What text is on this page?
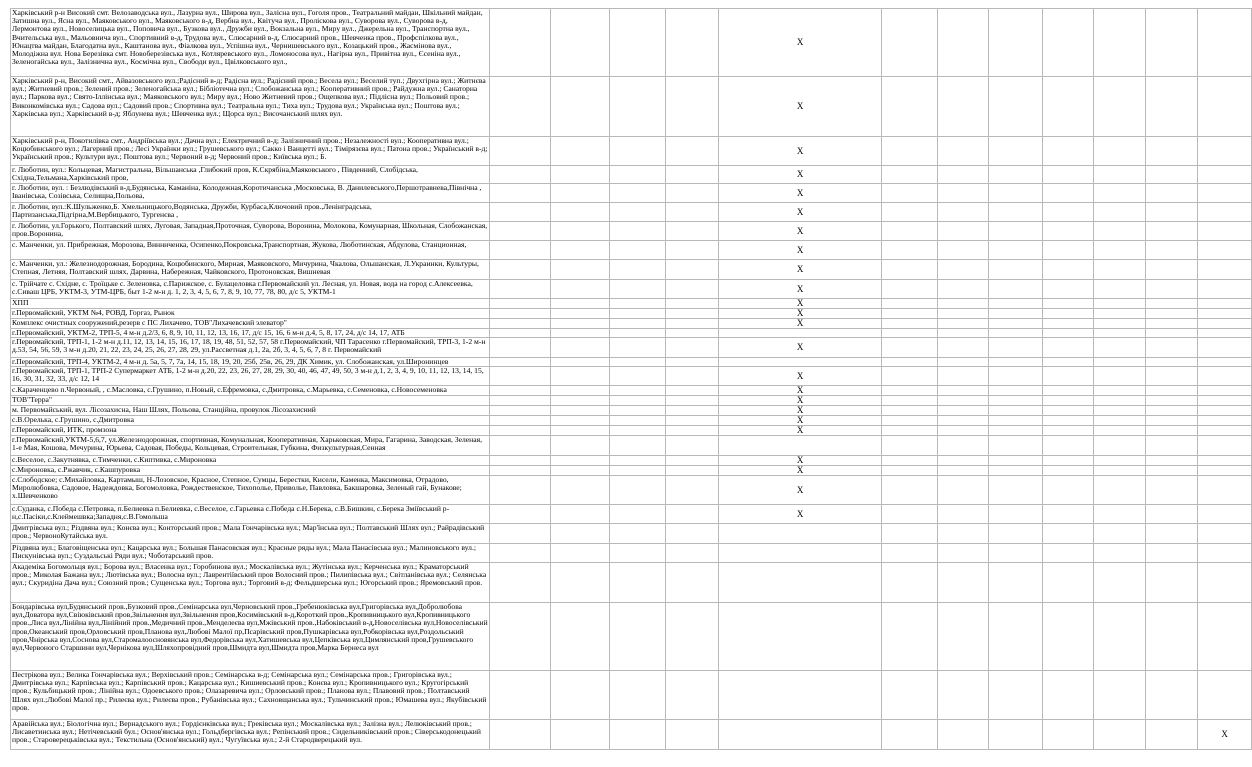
Харківський р-н Високий смт. Велозаводська вул., Лазурна вул., Широва вул., Залісна вул., Гоголя пров., Театральний майдан, Шкільний майдан, Затишна вул., Ясна вул., Маяковського вул., Маяковського в-д, Вербна вул., Квітуча вул., Пролісковa вул., Суворова вул., Суворова в-д, Лермонтова вул., Новоселицька вул., Поповича вул., Бузкова вул., Дружби вул., Вокзальна вул., Миру вул., Джерельна вул., Транспортна вул., Вчительська вул., Мальовнича вул., Спортивний в-д, Трудова вул., Слюсарний в-д, Слюсарний пров., Шевченка пров., Профспілкова вул., Юнацтва майдан, Благодатна вул., Каштанова вул., Фіалкова вул., Успішна вул., Чернишевського вул., Козацький пров., Жасмінова вул., Молодіжна вул. Нова Березівка смт. Новоберезівська вул., Котляревського вул., Ломоносова вул., Нагірна вул., Привітна вул., Єсеніна вул., Зеленогайська вул., Залізнична вул., Космічна вул., Свободи вул., Цвілковського вул.,					X							

Харківський р-н, Високий смт., Айвазовського вул.;Радісний в-д; Радісна вул.; Радісний пров.; Весела вул.; Веселий туп.; Двухгірна вул.; Житнєва вул.; Житневий пров.; Зелений пров.; Зеленогайська вул.; Бібліотечна вул.; Слобожанська вул.; Кооперативний пров.; Райдужна вул.; Санаторна вул.; Паркова вул.; Свято-Іллінська вул.; Маяковського вул.; Миру вул.; Ново Житневий пров.; Ощепкова вул.; Підлісна вул.; Польовий пров.; Виконкомівська вул.; Садова вул.; Садовий пров.; Спортивна вул.; Театральна вул.; Тиха вул.; Трудова вул.; Українська вул.; Поштова вул.; Харківська вул.; Харківський в-д; Яблунева вул.; Шевченка вул.; Щорса вул.; Височанський шлях вул.					X							

Харківський р-н, Покотилівка смт., Андріївська вул.; Дачна вул.; Електричний в-д; Залізничний пров.; Незалежності вул.; Кооперативна вул.; Коцюбинського вул.; Лагерний пров.; Лесі Українки вул.; Грушевського вул.; Сакко і Ванцетті вул.; Тімірязєва вул.; Патона пров.; Український в-д; Український пров.; Культури вул.; Поштова вул.; Червоний в-д; Червоний пров.; Київська вул.; Б.					X							

г. Люботин, вул.: Кольцевая, Магистральна, Вільшанська ,Глибокий пров, К.Скрябіна,Маяковського , Південний, Слобідська, Східна,Тельмана,Харківський пров,					X							

г. Люботин, вул. : Безлюдівський в-д,Будянська, Каманіна, Колодежная,Коротичанська ,Московська, В. Данилевського,Першотравнева,Північна , Іванівська, Созівська, Селищна,Польова,					X							

г. Люботин, вул.:К.Шульженко,Б. Хмельницького,Водянська, Дружби, Курбаса,Ключовий пров.,Ленінградська, Партизанська,Підгірна,М.Вербицького, Тургенєва ,					X							

г. Люботин, ул.Горького, Полтавский шлях, Луговая, Западная,Проточная, Суворова, Воронина, Молокова, Комунарная, Школьная, Слобожанская, пров.Воронина,					X							

с. Манченки, ул. Прибрежная, Морозова, Винниченка, Осипенко,Покровська,Транспортная, Жукова, Люботинская, Абдулова, Станционная,					X							

с. Манченки, ул.: Железнодорожная, Бородина, Коцюбинского, Мирная, Маяковского, Мичурина, Чкалова, Ольшанская, Л.Украинки, Культуры, Степная, Летняя, Полтавский шлях, Дарвина, Набережная, Чайковского, Протоновская, Вишневая					X							

с. Трійчате с. Східне, с. Троїцьке с. Зеленовка, с.Парижское, с. Булацеловка г.Первомайский ул. Лесная, ул. Новая, вода на город с.Алексеевка, с.Сиваш ЦРБ, УКТМ-3, УТМ-ЦРБ, быт 1-2 м-н д. 1, 2, 3, 4, 5, 6, 7, 8, 9, 10, 77, 78, 80, д/с 5, УКТМ-1					X							

ХПП					X							

г.Первомайский, УКТМ №4, РОВД, Горгаз, Рынок					X							

Комплекс очистных сооружений,резерв с ПС Лихачево, ТОВ"Лихачевский элеватор"					X							

г.Первомайский, УКТМ-2, ТРП-5, 4 м-н д.2/3, 6, 8, 9, 10, 11, 12, 13, 16, 17, д/с 15, 16, 6 м-н д.4, 5, 8, 17, 24, д/с 14, 17, АТБ												

г.Первомайский, ТРП-1, 1-2 м-н д.11, 12, 13, 14, 15, 16, 17, 18, 19, 48, 51, 52, 57, 58 г.Первомайский, ЧП Тарасенко г.Первомайский, ТРП-3, 1-2 м-н д.53, 54, 56, 59, 3 м-н д.20, 21, 22, 23, 24, 25, 26, 27, 28, 29, ул.Рассветная д.1, 2а, 2б, 3, 4, 5, 6, 7, 8 г. Первомайский					X							

г.Первомайский, ТРП-4, УКТМ-2, 4 м-н д. 5а, 5, 7, 7а, 14, 15, 18, 19, 20, 25б, 25в, 26, 29, ДК Химик, ул. Слобожанская, ул.Широнинцев												

г.Первомайский, ТРП-1, ТРП-2 Супермаркет АТБ, 1-2 м-н д.20, 22, 23, 26, 27, 28, 29, 30, 40, 46, 47, 49, 50, 3 м-н д.1, 2, 3, 4, 9, 10, 11, 12, 13, 14, 15, 16, 30, 31, 32, 33, д/с 12, 14					X							

с.Караченцево п.Червоный, , с.Масловка, с.Грушино, п.Новый, с.Ефремовка, с.Дмитровка, с.Марьевка, с.Семеновка, с.Новосеменовка					X							

ТОВ"Терра"					X							

м. Первомайський, вул. Лісозахисна, Наш Шлях, Польова, Станційна, провулок Лісозахисний					X							

с.В.Орелька, с.Грушино, с.Дмитровка					X							

г.Первомайский, ИТК, промзона					X							

г.Первомайский,УКТМ-5,6,7, ул.Железнодорожная, спортивная, Комунальная, Кооперативная, Харьковская, Мира, Гагарина, Заводская, Зеленая, 1-е Мая, Кошова, Мечурина, Юрьева, Садовая, Победы, Кольцевая, Строительная, Губкина, Физкультурная,Сенная												

с.Веселое, с.Закутнявка, с.Тимченки, с.Киптивка, с.Мироновка					X							

с.Мироновка, с.Ржавчик, с.Кашпуровка					X							

с.Слободское; с.Михайловка, Картамыш, Н-Лозовское, Красное, Степное, Сумцы, Берестки, Кисели, Каменка, Максимовка, Отрадово, Миролюбовка, Садовое, Надеждовка, Богомоловка, Рождественское, Тихополье, Приволье, Павловка, Бакшаровка, Зеленый гай, Бунакове; х.Шевченково					X							

с.Суданка, с.Победа с.Петровка, п.Белиевка п.Белиевка, с.Веселое, с.Гарьевка с.Победа с.Н.Берека, с.В.Бишкин, с.Берека Зміївський р-н,с.Пасіки,с.Клеймешвка;Западня,с.В.Гомольша					X							

Дмитрівська вул.; Різдвяна вул.; Конєва вул.; Конторський пров.; Мала Гончарівська вул.; Мар'їнська вул.; Полтавський Шлях вул.; Райрадівський пров.; ЧервоноКутайська вул.												

Різдвяна вул.; Благовіщенська вул.; Кацарська вул.; Большая Панасовская вул.; Красные ряды вул.; Мала Панасівська вул.; Малиновського вул.; Пискунівська вул.; Суздальські Ряди вул.; Чоботарський пров.												

Академіка Богомольця вул.; Борова вул.; Власенка вул.; Горобинова вул.; Москалівська вул.; Жутінська вул.; Керченська вул.; Краматорський пров.; Миколая Бажана вул.; Лютівська вул.; Волоcна вул.; Лаврентіївський пров Волосний пров.; Пилипівська вул.; Світланівська вул.; Селянська вул.; Скуридіна Дача вул.; Союзний пров.; Сущенська вул.; Торгова вул.; Торговий в-д; Фельдшерська вул.; Югорський пров.; Яремовський пров.												

Бондарівська вул,Будянський пров.,Бузковий пров.,Семінарська вул,Черновський пров.,Гребенюківська вул,Григорівська вул,Добролюбова вул,Доватора вул,Свіюківський пров,Звільнення вул,Звільнення пров,Косимівський в-д,Короткий пров.,Кропивницького вул,Кропивницького пров.,Лиса вул,Лінійна вул,Лінійний пров.,Медичний пров.,Менделеєва вул,Мжівський пров.,Набоківський в-д,Новоселівська вул,Новоселівський пров,Океанський пров,Орловський пров,Планова вул,Любові Малої пр,Псарівський пров,Пушкарівська вул,Робкорівська вул,Роздольський пров,Чнірська вул,Соснова вул,Старомалоосновянська вул,Федорівська вул,Хатишевська вул,Цепківська вул,Цимлянський пров,Грушевського вул,Червоного Старшини вул,Чернікова вул,Шляхопровідний пров,Шмидта вул,Шмидта пров,Марка Бернеса вул												

Пестрікова вул.; Велика Гончарівська вул.; Верхівський пров.; Семінарська в-д; Семінарська вул.; Семінарська пров.; Григорівська вул.; Дмитрівська вул.; Карпівська вул.; Карпівський пров.; Кацарська вул.; Кишиевський пров.; Конєва вул.; Кропивницького вул.; Кругогірський пров.; Кульбицький пров.; Лінійна вул.; Одоевського пров.; Олазаревича вул.; Орловський пров.; Планова вул.; Плавовий пров.; Полтавський Шлях вул.;Любові Малої пр.; Рилеєва вул.; Рилеєва пров.; Рубанівська вул.; Сахновщанська вул.; Тульчинський пров.; Юмашева вул.; Якубівський пров.												

Аравійська вул.; Біологічна вул.; Вернадського вул.; Гордієнківська вул.; Греківська вул.; Москалівська вул.; Залізна вул.; Лелюківський пров.; Лисаветинська вул.; Нетічевський бул.; Основ'янська вул.; Гольдбергівська вул.; Репінський пров.; Сидельниківський пров.; Сіверськодонецький пров.; Староверецьківська вул.; Текстильна (Основ'янський) вул.; Чугуївська вул.; 2-й Стародверецький вул.												X
